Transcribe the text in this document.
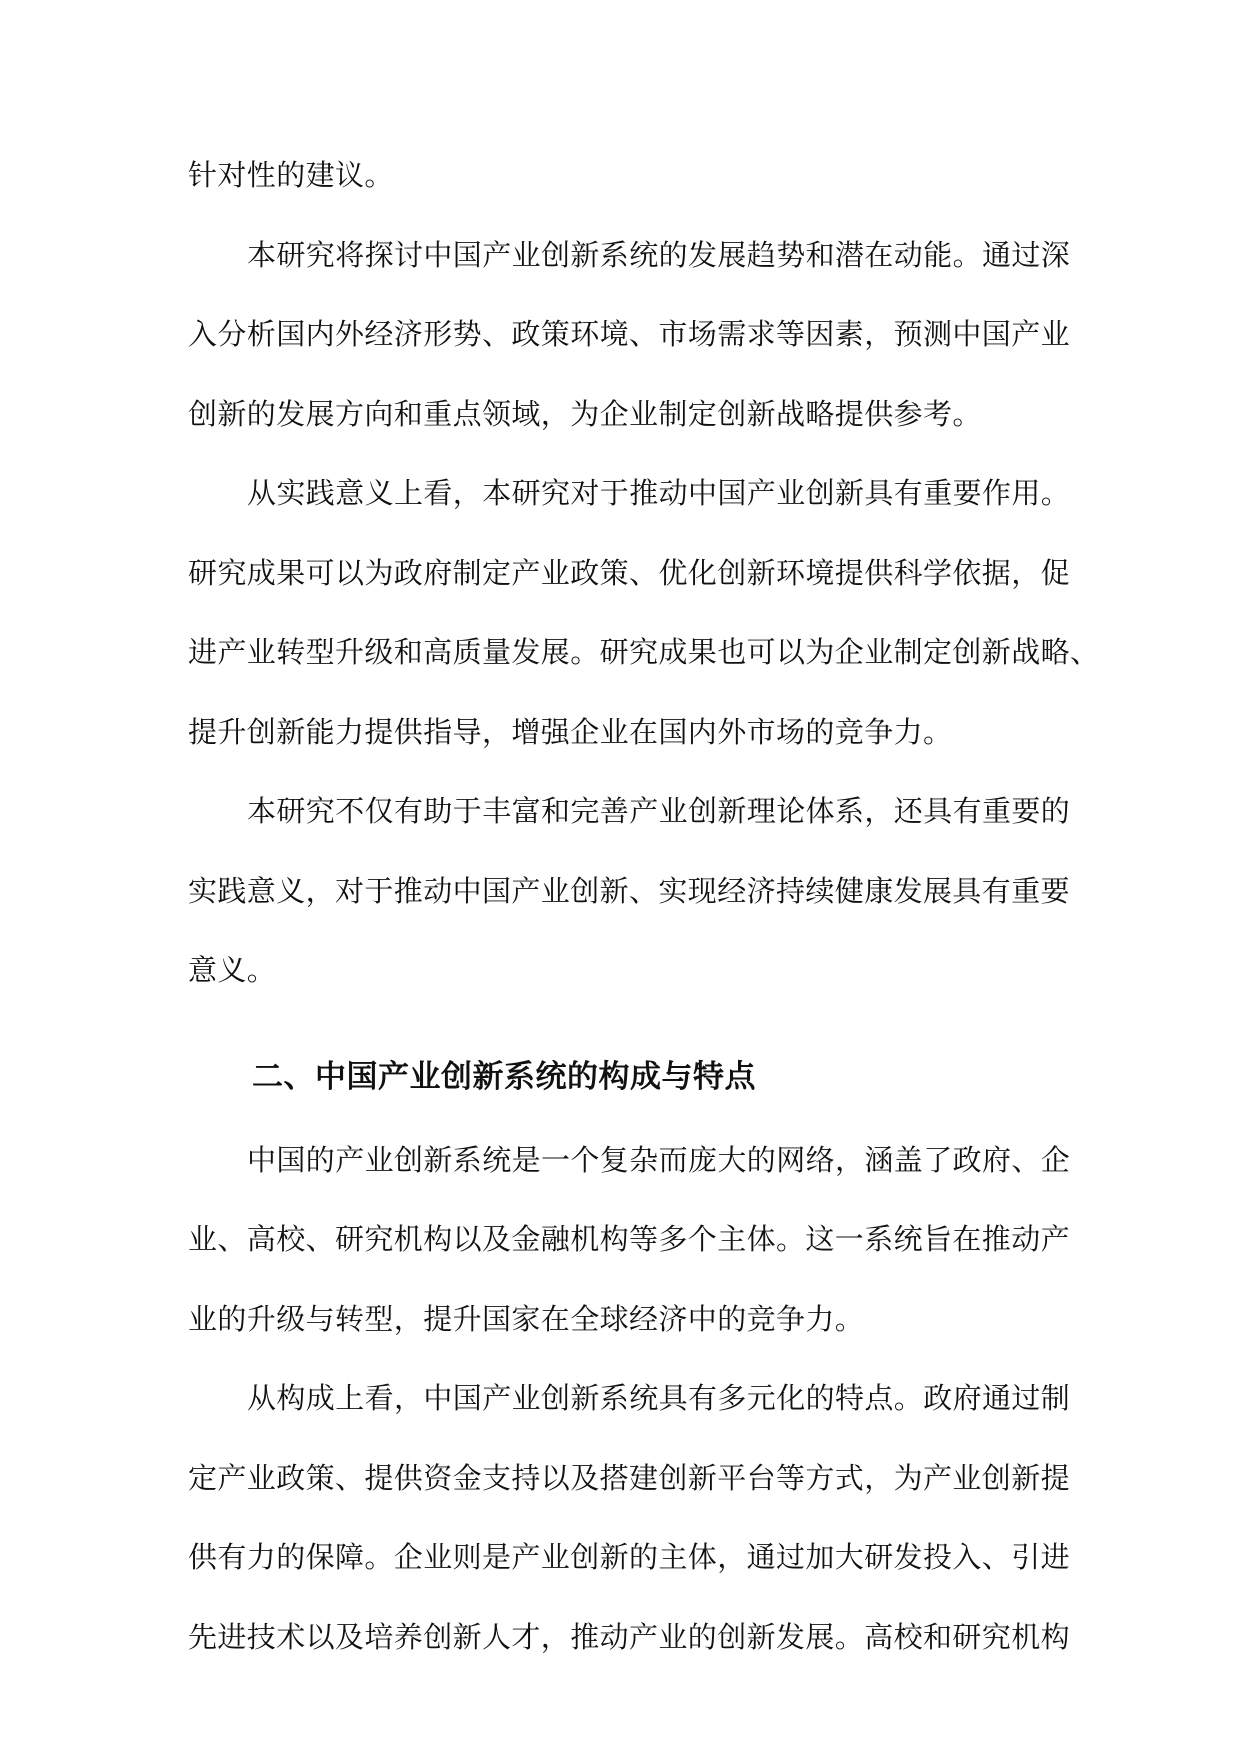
针对性的建议。
本研究将探讨中国产业创新系统的发展趋势和潜在动能。通过深
入分析国内外经济形势、政策环境、市场需求等因素，预测中国产业
创新的发展方向和重点领域，为企业制定创新战略提供参考。
从实践意义上看，本研究对于推动中国产业创新具有重要作用。
研究成果可以为政府制定产业政策、优化创新环境提供科学依据，促
进产业转型升级和高质量发展。研究成果也可以为企业制定创新战略、
提升创新能力提供指导，增强企业在国内外市场的竞争力。
本研究不仅有助于丰富和完善产业创新理论体系，还具有重要的
实践意义，对于推动中国产业创新、实现经济持续健康发展具有重要
意义。
二、中国产业创新系统的构成与特点
中国的产业创新系统是一个复杂而庞大的网络，涵盖了政府、企
业、高校、研究机构以及金融机构等多个主体。这一系统旨在推动产
业的升级与转型，提升国家在全球经济中的竞争力。
从构成上看，中国产业创新系统具有多元化的特点。政府通过制
定产业政策、提供资金支持以及搭建创新平台等方式，为产业创新提
供有力的保障。企业则是产业创新的主体，通过加大研发投入、引进
先进技术以及培养创新人才，推动产业的创新发展。高校和研究机构
